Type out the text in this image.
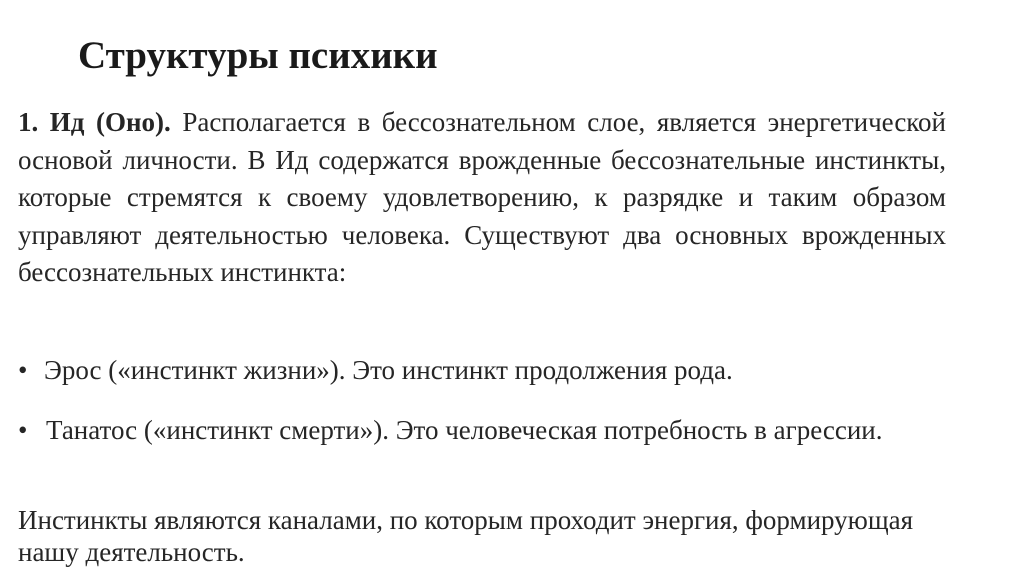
Структуры психики
1. Ид (Оно). Располагается в бессознательном слое, является энергетической основой личности. В Ид содержатся врожденные бессознательные инстинкты, которые стремятся к своему удовлетворению, к разрядке и таким образом управляют деятельностью человека. Существуют два основных врожденных бессознательных инстинкта:
• Эрос («инстинкт жизни»). Это инстинкт продолжения рода.
• Танатос («инстинкт смерти»). Это человеческая потребность в агрессии.
Инстинкты являются каналами, по которым проходит энергия, формирующая нашу деятельность.
